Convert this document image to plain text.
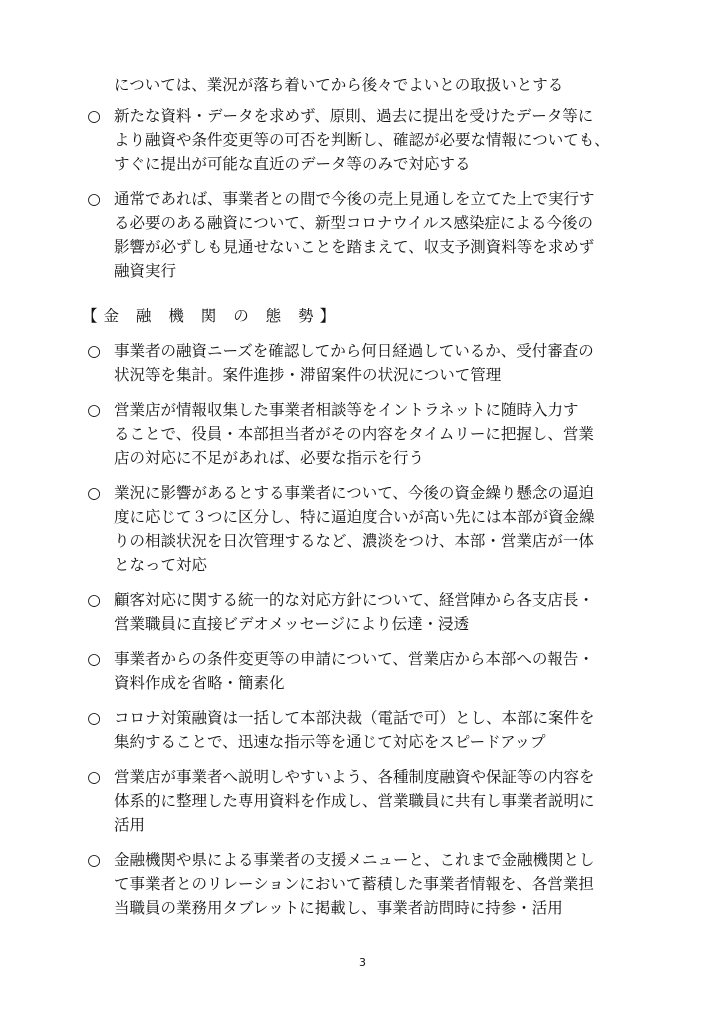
については、業況が落ち着いてから後々でよいとの取扱いとする
○ 新たな資料・データを求めず、原則、過去に提出を受けたデータ等に
より融資や条件変更等の可否を判断し、確認が必要な情報についても、
すぐに提出が可能な直近のデータ等のみで対応する
○ 通常であれば、事業者との間で今後の売上見通しを立てた上で実行す
る必要のある融資について、新型コロナウイルス感染症による今後の
影響が必ずしも見通せないことを踏まえて、収支予測資料等を求めず
融資実行
【金 融 機 関 の 態 勢】
○ 事業者の融資ニーズを確認してから何日経過しているか、受付審査の
状況等を集計。案件進捗・滞留案件の状況について管理
○ 営業店が情報収集した事業者相談等をイントラネットに随時入力す
ることで、役員・本部担当者がその内容をタイムリーに把握し、営業
店の対応に不足があれば、必要な指示を行う
○ 業況に影響があるとする事業者について、今後の資金繰り懸念の逼迫
度に応じて３つに区分し、特に逼迫度合いが高い先には本部が資金繰
りの相談状況を日次管理するなど、濃淡をつけ、本部・営業店が一体
となって対応
○ 顧客対応に関する統一的な対応方針について、経営陣から各支店長・
営業職員に直接ビデオメッセージにより伝達・浸透
○ 事業者からの条件変更等の申請について、営業店から本部への報告・
資料作成を省略・簡素化
○ コロナ対策融資は一括して本部決裁（電話で可）とし、本部に案件を
集約することで、迅速な指示等を通じて対応をスピードアップ
○ 営業店が事業者へ説明しやすいよう、各種制度融資や保証等の内容を
体系的に整理した専用資料を作成し、営業職員に共有し事業者説明に
活用
○ 金融機関や県による事業者の支援メニューと、これまで金融機関とし
て事業者とのリレーションにおいて蓄積した事業者情報を、各営業担
当職員の業務用タブレットに掲載し、事業者訪問時に持参・活用
3
